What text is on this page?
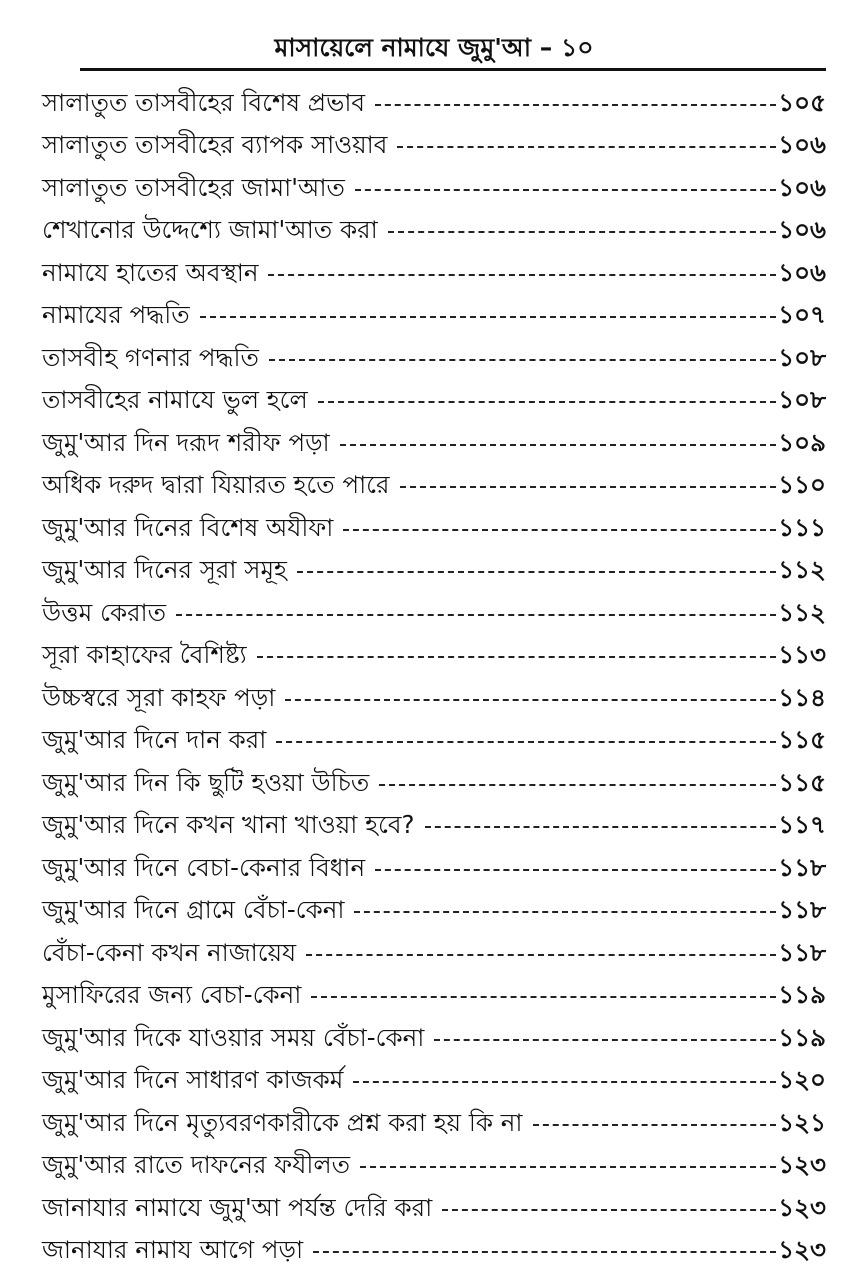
মাসায়েলে নামাযে জুমু'আ – ১০
সালাতুত তাসবীহের বিশেষ প্রভাব	১০৫
সালাতুত তাসবীহের ব্যাপক সাওয়াব	১০৬
সালাতুত তাসবীহের জামা'আত	১০৬
শেখানোর উদ্দেশ্যে জামা'আত করা	১০৬
নামাযে হাতের অবস্থান	১০৬
নামাযের পদ্ধতি	১০৭
তাসবীহ গণনার পদ্ধতি	১০৮
তাসবীহের নামাযে ভুল হলে	১০৮
জুমু'আর দিন দরূদ শরীফ পড়া	১০৯
অধিক দরুদ দ্বারা যিয়ারত হতে পারে	১১০
জুমু'আর দিনের বিশেষ অযীফা	১১১
জুমু'আর দিনের সূরা সমূহ	১১২
উত্তম কেরাত	১১২
সূরা কাহাফের বৈশিষ্ট্য	১১৩
উচ্চস্বরে সূরা কাহফ পড়া	১১৪
জুমু'আর দিনে দান করা	১১৫
জুমু'আর দিন কি ছুটি হওয়া উচিত	১১৫
জুমু'আর দিনে কখন খানা খাওয়া হবে?	১১৭
জুমু'আর দিনে বেচা-কেনার বিধান	১১৮
জুমু'আর দিনে গ্রামে বেঁচা-কেনা	১১৮
বেঁচা-কেনা কখন নাজায়েয	১১৮
মুসাফিরের জন্য বেচা-কেনা	১১৯
জুমু'আর দিকে যাওয়ার সময় বেঁচা-কেনা	১১৯
জুমু'আর দিনে সাধারণ কাজকর্ম	১২০
জুমু'আর দিনে মৃত্যুবরণকারীকে প্রশ্ন করা হয় কি না	১২১
জুমু'আর রাতে দাফনের ফযীলত	১২৩
জানাযার নামাযে জুমু'আ পর্যন্ত দেরি করা	১২৩
জানাযার নামায আগে পড়া	১২৩
